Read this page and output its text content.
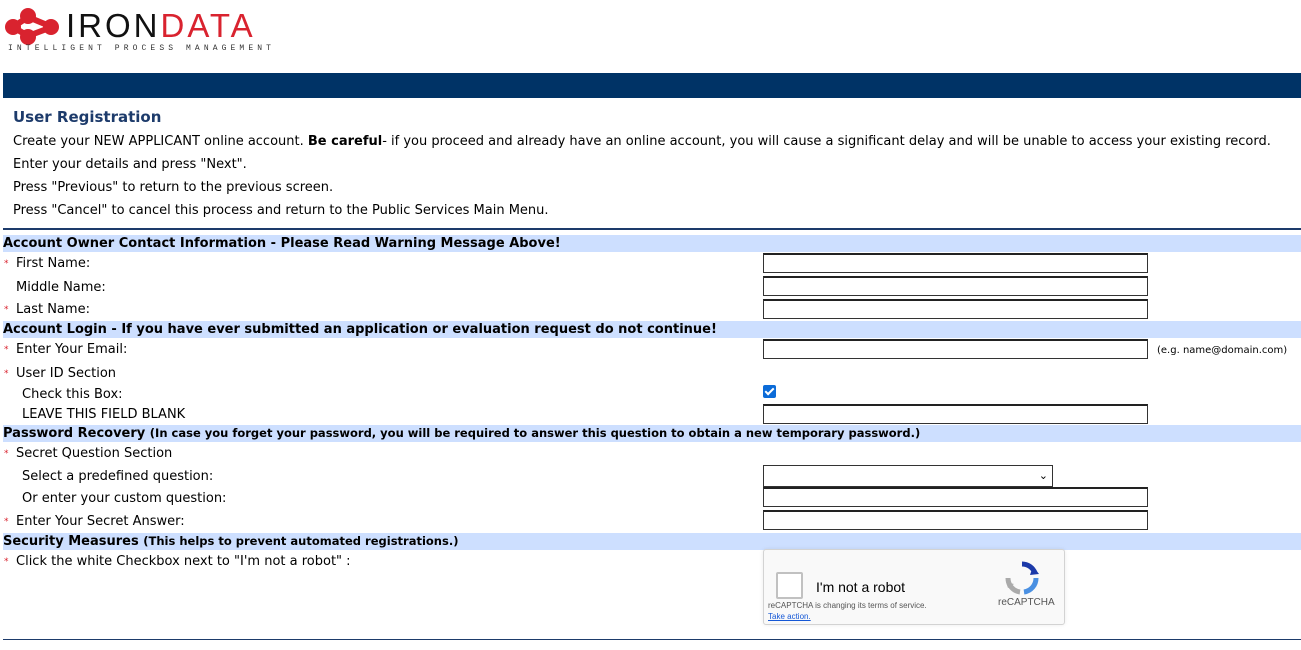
IRONDATA
INTELLIGENT PROCESS MANAGEMENT
User Registration

Create your NEW APPLICANT online account. Be careful- if you proceed and already have an online account, you will cause a significant delay and will be unable to access your existing record.

Enter your details and press "Next".

Press "Previous" to return to the previous screen.

Press "Cancel" to cancel this process and return to the Public Services Main Menu.

Account Owner Contact Information - Please Read Warning Message Above!
* First Name:
Middle Name:
* Last Name:
Account Login - If you have ever submitted an application or evaluation request do not continue!
* Enter Your Email:	(e.g. name@domain.com)
* User ID Section
Check this Box:
LEAVE THIS FIELD BLANK
Password Recovery (In case you forget your password, you will be required to answer this question to obtain a new temporary password.)
* Secret Question Section
Select a predefined question:	⌄
Or enter your custom question:
* Enter Your Secret Answer:
Security Measures (This helps to prevent automated registrations.)
* Click the white Checkbox next to "I'm not a robot" :
I'm not a robot
reCAPTCHA
reCAPTCHA is changing its terms of service.
Take action.
